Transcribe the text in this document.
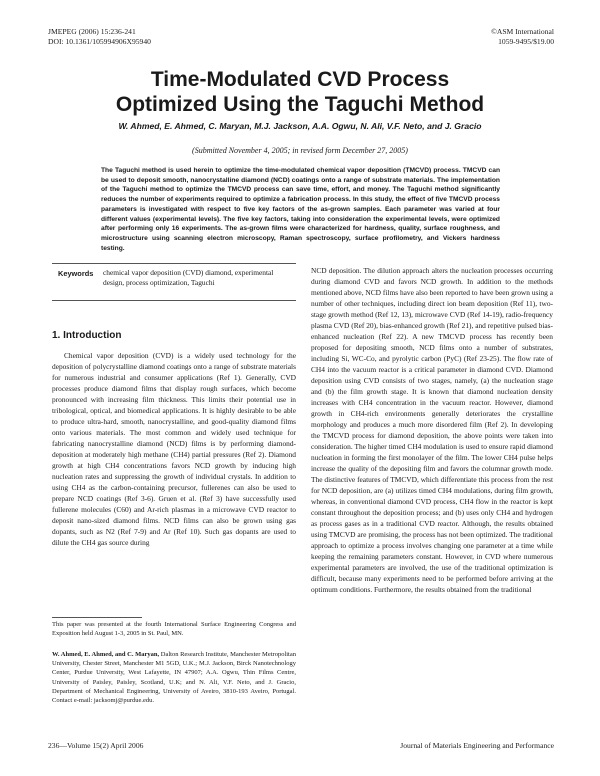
JMEPEG (2006) 15:236-241
DOI: 10.1361/105994906X95940
©ASM International
1059-9495/$19.00
Time-Modulated CVD Process
Optimized Using the Taguchi Method
W. Ahmed, E. Ahmed, C. Maryan, M.J. Jackson, A.A. Ogwu, N. Ali, V.F. Neto, and J. Gracio
(Submitted November 4, 2005; in revised form December 27, 2005)
The Taguchi method is used herein to optimize the time-modulated chemical vapor deposition (TMCVD) process. TMCVD can be used to deposit smooth, nanocrystalline diamond (NCD) coatings onto a range of substrate materials. The implementation of the Taguchi method to optimize the TMCVD process can save time, effort, and money. The Taguchi method significantly reduces the number of experiments required to optimize a fabrication process. In this study, the effect of five TMCVD process parameters is investigated with respect to five key factors of the as-grown samples. Each parameter was varied at four different values (experimental levels). The five key factors, taking into consideration the experimental levels, were optimized after performing only 16 experiments. The as-grown films were characterized for hardness, quality, surface roughness, and microstructure using scanning electron microscopy, Raman spectroscopy, surface profilometry, and Vickers hardness testing.
Keywords chemical vapor deposition (CVD) diamond, experimental design, process optimization, Taguchi
1. Introduction

Chemical vapor deposition (CVD) is a widely used technology for the deposition of polycrystalline diamond coatings onto a range of substrate materials for numerous industrial and consumer applications (Ref 1). Generally, CVD processes produce diamond films that display rough surfaces, which become pronounced with increasing film thickness. This limits their potential use in tribological, optical, and biomedical applications. It is highly desirable to be able to produce ultra-hard, smooth, nanocrystalline, and good-quality diamond films onto various materials. The most common and widely used technique for fabricating nanocrystalline diamond (NCD) films is by performing diamond-deposition at moderately high methane (CH4) partial pressures (Ref 2). Diamond growth at high CH4 concentrations favors NCD growth by inducing high nucleation rates and suppressing the growth of individual crystals. In addition to using CH4 as the carbon-containing precursor, fullerenes can also be used to prepare NCD coatings (Ref 3-6). Gruen et al. (Ref 3) have successfully used fullerene molecules (C60) and Ar-rich plasmas in a microwave CVD reactor to deposit nano-sized diamond films. NCD films can also be grown using gas dopants, such as N2 (Ref 7-9) and Ar (Ref 10). Such gas dopants are used to dilute the CH4 gas source during

This paper was presented at the fourth International Surface Engineering Congress and Exposition held August 1-3, 2005 in St. Paul, MN.
W. Ahmed, E. Ahmed, and C. Maryan, Dalton Research Institute, Manchester Metropolitan University, Chester Street, Manchester M1 5GD, U.K.; M.J. Jackson, Birck Nanotechnology Center, Purdue University, West Lafayette, IN 47907; A.A. Ogwu, Thin Films Centre, University of Paisley, Paisley, Scotland, U.K; and N. Ali, V.F. Neto, and J. Gracio, Department of Mechanical Engineering, University of Aveiro, 3810-193 Aveiro, Portugal. Contact e-mail: jacksomj@purdue.edu.

NCD deposition. The dilution approach alters the nucleation processes occurring during diamond CVD and favors NCD growth. In addition to the methods mentioned above, NCD films have also been reported to have been grown using a number of other techniques, including direct ion beam deposition (Ref 11), two-stage growth method (Ref 12, 13), microwave CVD (Ref 14-19), radio-frequency plasma CVD (Ref 20), bias-enhanced growth (Ref 21), and repetitive pulsed bias-enhanced nucleation (Ref 22). A new TMCVD process has recently been proposed for depositing smooth, NCD films onto a number of substrates, including Si, WC-Co, and pyrolytic carbon (PyC) (Ref 23-25). The flow rate of CH4 into the vacuum reactor is a critical parameter in diamond CVD. Diamond deposition using CVD consists of two stages, namely, (a) the nucleation stage and (b) the film growth stage. It is known that diamond nucleation density increases with CH4 concentration in the vacuum reactor. However, diamond growth in CH4-rich environments generally deteriorates the crystalline morphology and produces a much more disordered film (Ref 2). In developing the TMCVD process for diamond deposition, the above points were taken into consideration. The higher timed CH4 modulation is used to ensure rapid diamond nucleation in forming the first monolayer of the film. The lower CH4 pulse helps increase the quality of the depositing film and favors the columnar growth mode. The distinctive features of TMCVD, which differentiate this process from the rest for NCD deposition, are (a) utilizes timed CH4 modulations, during film growth, whereas, in conventional diamond CVD process, CH4 flow in the reactor is kept constant throughout the deposition process; and (b) uses only CH4 and hydrogen as process gases as in a traditional CVD reactor. Although, the results obtained using TMCVD are promising, the process has not been optimized. The traditional approach to optimize a process involves changing one parameter at a time while keeping the remaining parameters constant. However, in CVD where numerous experimental parameters are involved, the use of the traditional optimization is difficult, because many experiments need to be performed before arriving at the optimum conditions. Furthermore, the results obtained from the traditional

236—Volume 15(2) April 2006	Journal of Materials Engineering and Performance
